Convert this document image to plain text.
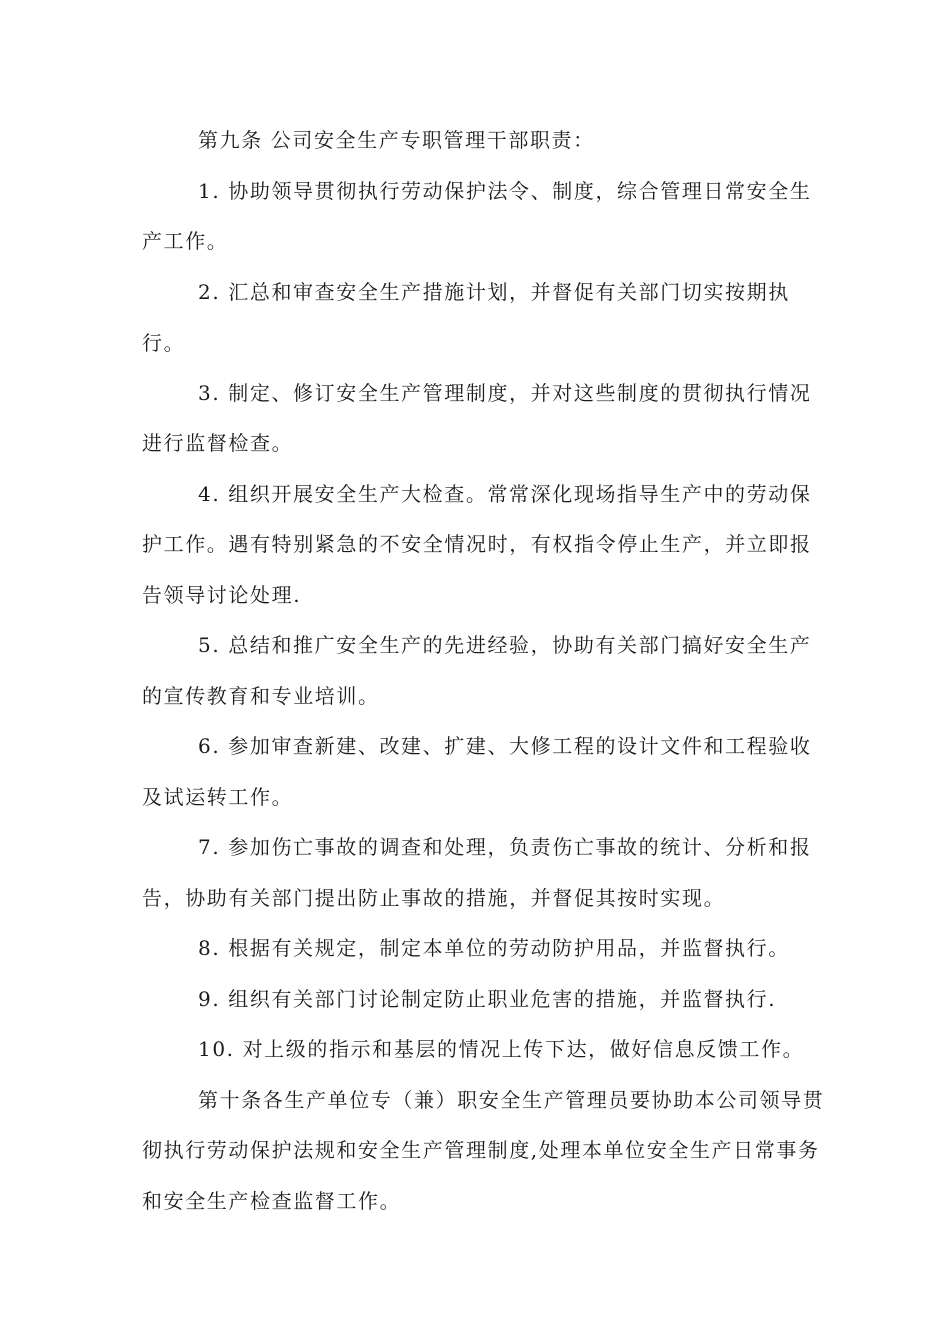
第九条 公司安全生产专职管理干部职责：

1. 协助领导贯彻执行劳动保护法令、制度，综合管理日常安全生

产工作。

2. 汇总和审查安全生产措施计划，并督促有关部门切实按期执

行。

3. 制定、修订安全生产管理制度，并对这些制度的贯彻执行情况

进行监督检查。

4. 组织开展安全生产大检查。常常深化现场指导生产中的劳动保

护工作。遇有特别紧急的不安全情况时，有权指令停止生产，并立即报

告领导讨论处理.

5. 总结和推广安全生产的先进经验，协助有关部门搞好安全生产

的宣传教育和专业培训。

6. 参加审查新建、改建、扩建、大修工程的设计文件和工程验收

及试运转工作。

7. 参加伤亡事故的调查和处理，负责伤亡事故的统计、分析和报

告，协助有关部门提出防止事故的措施，并督促其按时实现。

8. 根据有关规定，制定本单位的劳动防护用品，并监督执行。

9. 组织有关部门讨论制定防止职业危害的措施，并监督执行.

10. 对上级的指示和基层的情况上传下达，做好信息反馈工作。

第十条各生产单位专（兼）职安全生产管理员要协助本公司领导贯

彻执行劳动保护法规和安全生产管理制度,处理本单位安全生产日常事务

和安全生产检查监督工作。
